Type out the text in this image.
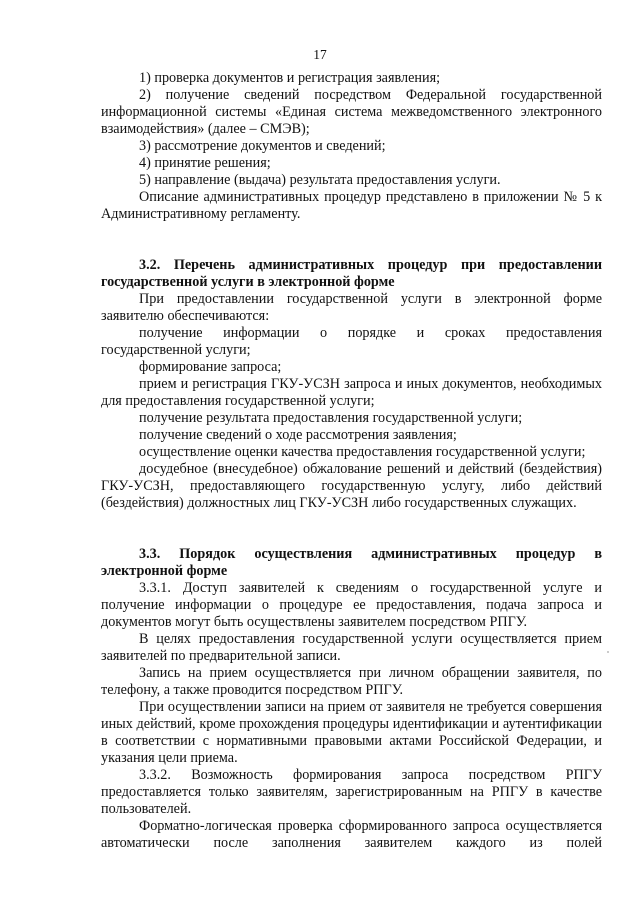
17

1) проверка документов и регистрация заявления;

2) получение сведений посредством Федеральной государственной информационной системы «Единая система межведомственного электронного взаимодействия» (далее – СМЭВ);

3) рассмотрение документов и сведений;

4) принятие решения;

5) направление (выдача) результата предоставления услуги.

Описание административных процедур представлено в приложении № 5 к Административному регламенту.

3.2. Перечень административных процедур при предоставлении государственной услуги в электронной форме

При предоставлении государственной услуги в электронной форме заявителю обеспечиваются:

получение информации о порядке и сроках предоставления государственной услуги;

формирование запроса;

прием и регистрация ГКУ-УСЗН запроса и иных документов, необходимых для предоставления государственной услуги;

получение результата предоставления государственной услуги;

получение сведений о ходе рассмотрения заявления;

осуществление оценки качества предоставления государственной услуги;

досудебное (внесудебное) обжалование решений и действий (бездействия) ГКУ-УСЗН, предоставляющего государственную услугу, либо действий (бездействия) должностных лиц ГКУ-УСЗН либо государственных служащих.

3.3. Порядок осуществления административных процедур в электронной форме

3.3.1. Доступ заявителей к сведениям о государственной услуге и получение информации о процедуре ее предоставления, подача запроса и документов могут быть осуществлены заявителем посредством РПГУ.

В целях предоставления государственной услуги осуществляется прием заявителей по предварительной записи.

Запись на прием осуществляется при личном обращении заявителя, по телефону, а также проводится посредством РПГУ.

При осуществлении записи на прием от заявителя не требуется совершения иных действий, кроме прохождения процедуры идентификации и аутентификации в соответствии с нормативными правовыми актами Российской Федерации, и указания цели приема.

3.3.2. Возможность формирования запроса посредством РПГУ предоставляется только заявителям, зарегистрированным на РПГУ в качестве пользователей.

Форматно-логическая проверка сформированного запроса осуществляется автоматически после заполнения заявителем каждого из полей
